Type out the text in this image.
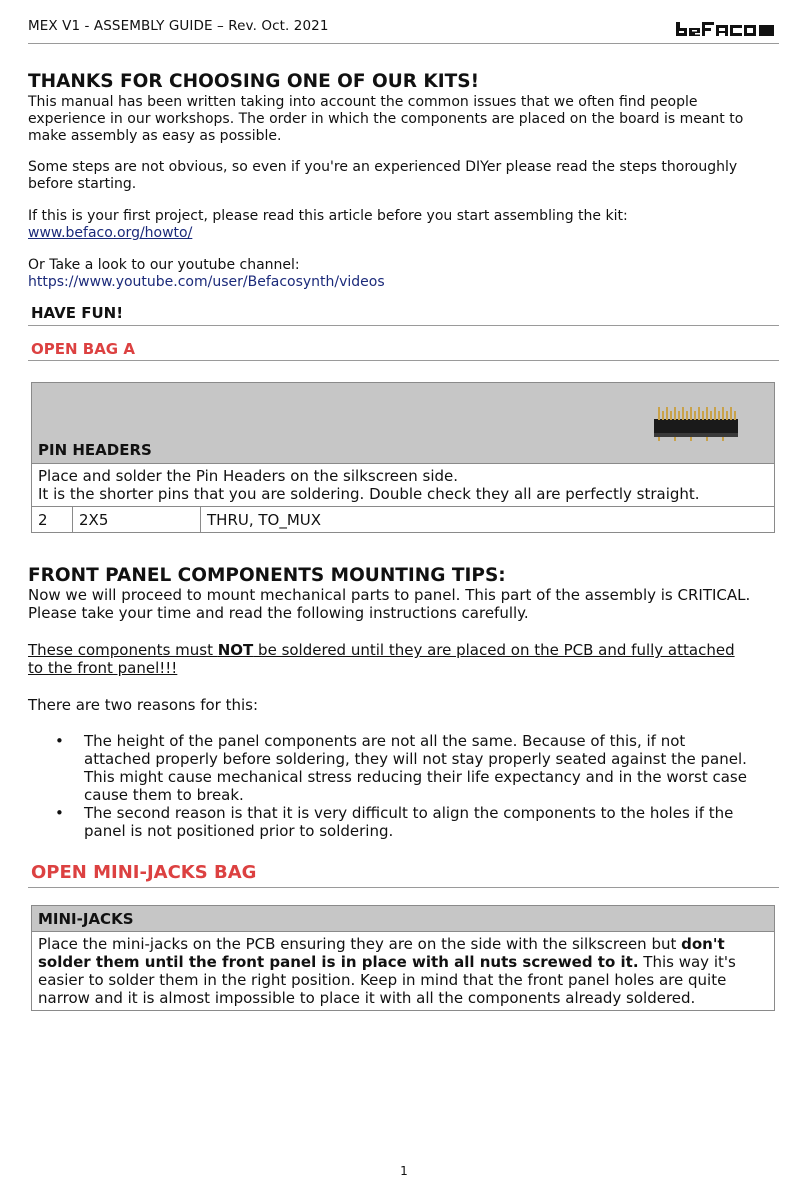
MEX V1 - ASSEMBLY GUIDE – Rev. Oct. 2021	befaco
THANKS FOR CHOOSING ONE OF OUR KITS!
This manual has been written taking into account the common issues that we often find people
experience in our workshops. The order in which the components are placed on the board is meant to
make assembly as easy as possible.
Some steps are not obvious, so even if you're an experienced DIYer please read the steps thoroughly
before starting.
If this is your first project, please read this article before you start assembling the kit:
www.befaco.org/howto/
Or Take a look to our youtube channel:
https://www.youtube.com/user/Befacosynth/videos
HAVE FUN!
OPEN BAG A
PIN HEADERS

Place and solder the Pin Headers on the silkscreen side.
It is the shorter pins that you are soldering. Double check they all are perfectly straight.

2	2X5	THRU, TO_MUX
FRONT PANEL COMPONENTS MOUNTING TIPS:
Now we will proceed to mount mechanical parts to panel. This part of the assembly is CRITICAL.
Please take your time and read the following instructions carefully.
These components must NOT be soldered until they are placed on the PCB and fully attached
to the front panel!!!
There are two reasons for this:
• The height of the panel components are not all the same. Because of this, if not
attached properly before soldering, they will not stay properly seated against the panel.
This might cause mechanical stress reducing their life expectancy and in the worst case
cause them to break.
• The second reason is that it is very difficult to align the components to the holes if the
panel is not positioned prior to soldering.
OPEN MINI-JACKS BAG
MINI-JACKS

Place the mini-jacks on the PCB ensuring they are on the side with the silkscreen but don't
solder them until the front panel is in place with all nuts screwed to it. This way it's
easier to solder them in the right position. Keep in mind that the front panel holes are quite
narrow and it is almost impossible to place it with all the components already soldered.
1
